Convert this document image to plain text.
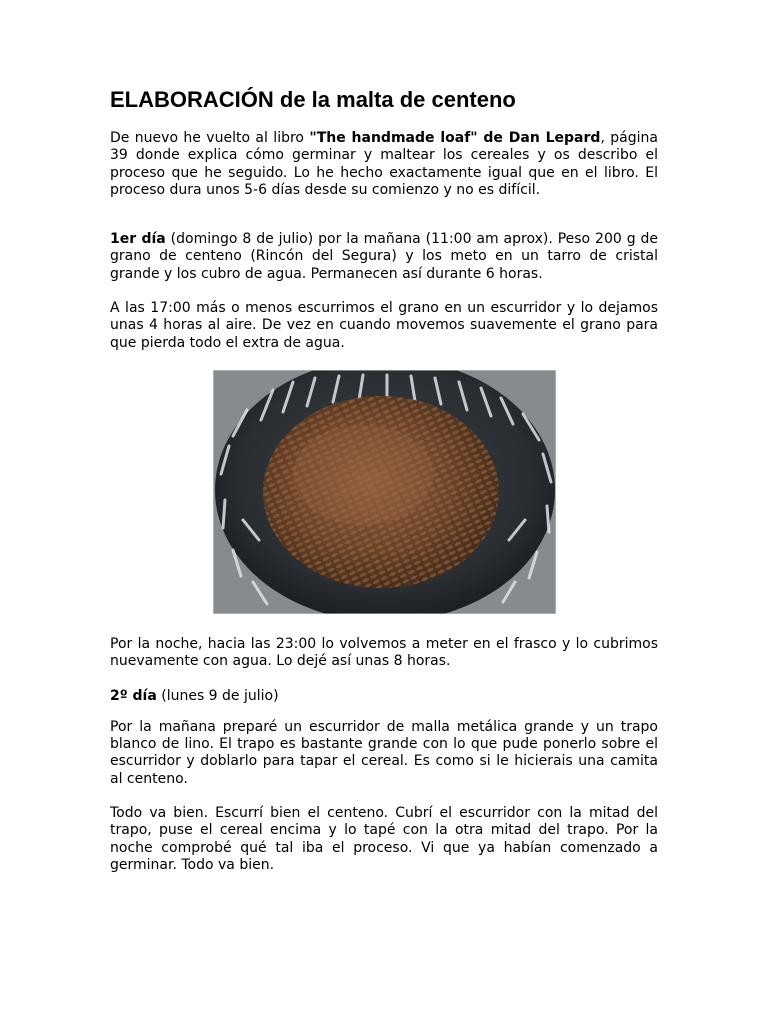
ELABORACIÓN de la malta de centeno

De nuevo he vuelto al libro "The handmade loaf" de Dan Lepard, página 39 donde explica cómo germinar y maltear los cereales y os describo el proceso que he seguido. Lo he hecho exactamente igual que en el libro. El proceso dura unos 5-6 días desde su comienzo y no es difícil.

1er día (domingo 8 de julio) por la mañana (11:00 am aprox). Peso 200 g de grano de centeno (Rincón del Segura) y los meto en un tarro de cristal grande y los cubro de agua. Permanecen así durante 6 horas.

A las 17:00 más o menos escurrimos el grano en un escurridor y lo dejamos unas 4 horas al aire. De vez en cuando movemos suavemente el grano para que pierda todo el extra de agua.

Por la noche, hacia las 23:00 lo volvemos a meter en el frasco y lo cubrimos nuevamente con agua. Lo dejé así unas 8 horas.

2º día (lunes 9 de julio)

Por la mañana preparé un escurridor de malla metálica grande y un trapo blanco de lino. El trapo es bastante grande con lo que pude ponerlo sobre el escurridor y doblarlo para tapar el cereal. Es como si le hicierais una camita al centeno.

Todo va bien. Escurrí bien el centeno. Cubrí el escurridor con la mitad del trapo, puse el cereal encima y lo tapé con la otra mitad del trapo. Por la noche comprobé qué tal iba el proceso. Vi que ya habían comenzado a germinar. Todo va bien.
